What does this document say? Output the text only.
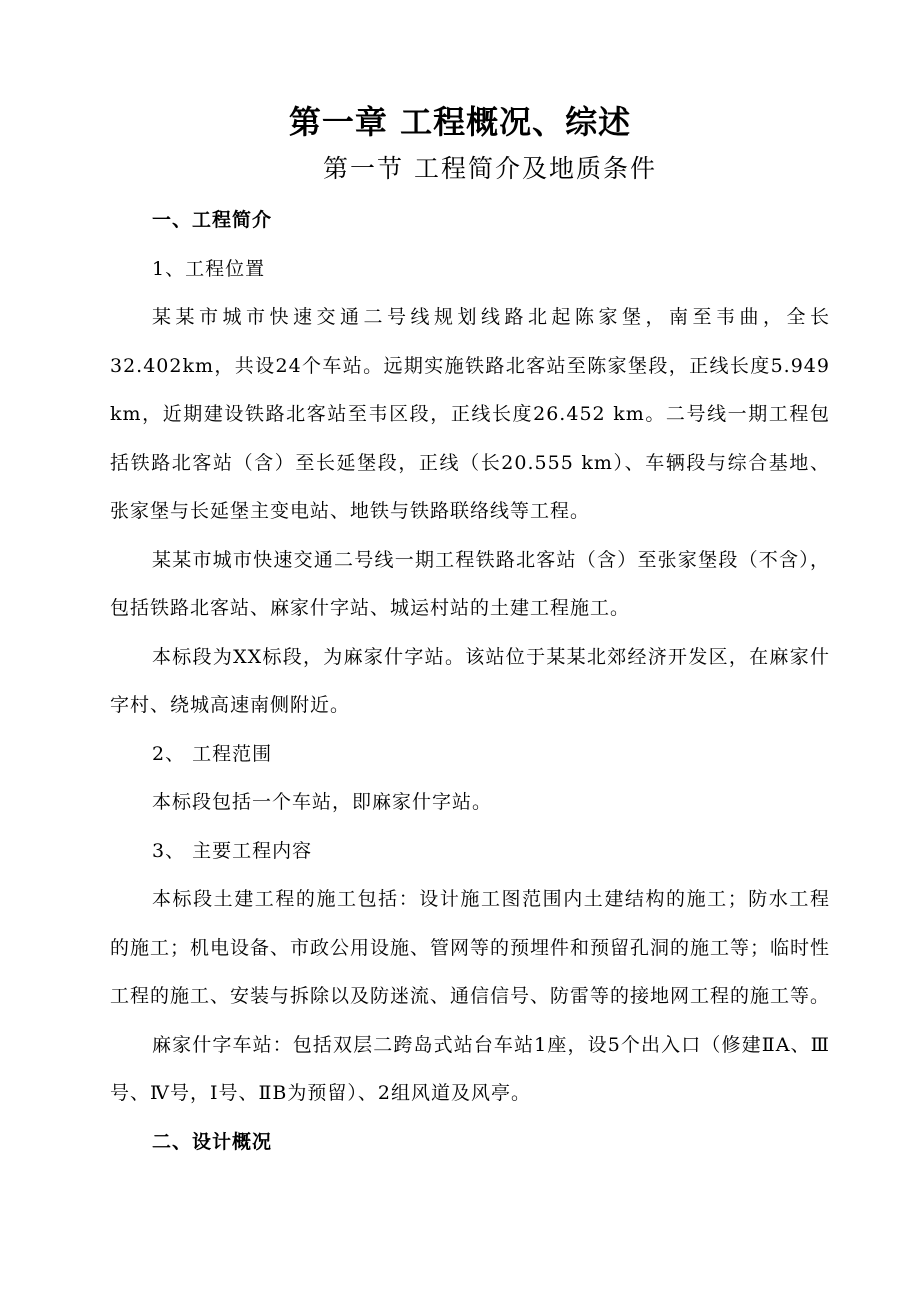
第一章 工程概况、综述
第一节 工程简介及地质条件

一、工程简介

1、工程位置

某某市城市快速交通二号线规划线路北起陈家堡，南至韦曲，全长32.402km，共设24个车站。远期实施铁路北客站至陈家堡段，正线长度5.949 km，近期建设铁路北客站至韦区段，正线长度26.452 km。二号线一期工程包括铁路北客站（含）至长延堡段，正线（长20.555 km）、车辆段与综合基地、张家堡与长延堡主变电站、地铁与铁路联络线等工程。

某某市城市快速交通二号线一期工程铁路北客站（含）至张家堡段（不含），包括铁路北客站、麻家什字站、城运村站的土建工程施工。

本标段为XX标段，为麻家什字站。该站位于某某北郊经济开发区，在麻家什字村、绕城高速南侧附近。

2、 工程范围

本标段包括一个车站，即麻家什字站。

3、 主要工程内容

本标段土建工程的施工包括：设计施工图范围内土建结构的施工；防水工程的施工；机电设备、市政公用设施、管网等的预埋件和预留孔洞的施工等；临时性工程的施工、安装与拆除以及防迷流、通信信号、防雷等的接地网工程的施工等。

麻家什字车站：包括双层二跨岛式站台车站1座，设5个出入口（修建ⅡA、Ⅲ号、Ⅳ号，Ⅰ号、ⅡB为预留）、2组风道及风亭。

二、设计概况
